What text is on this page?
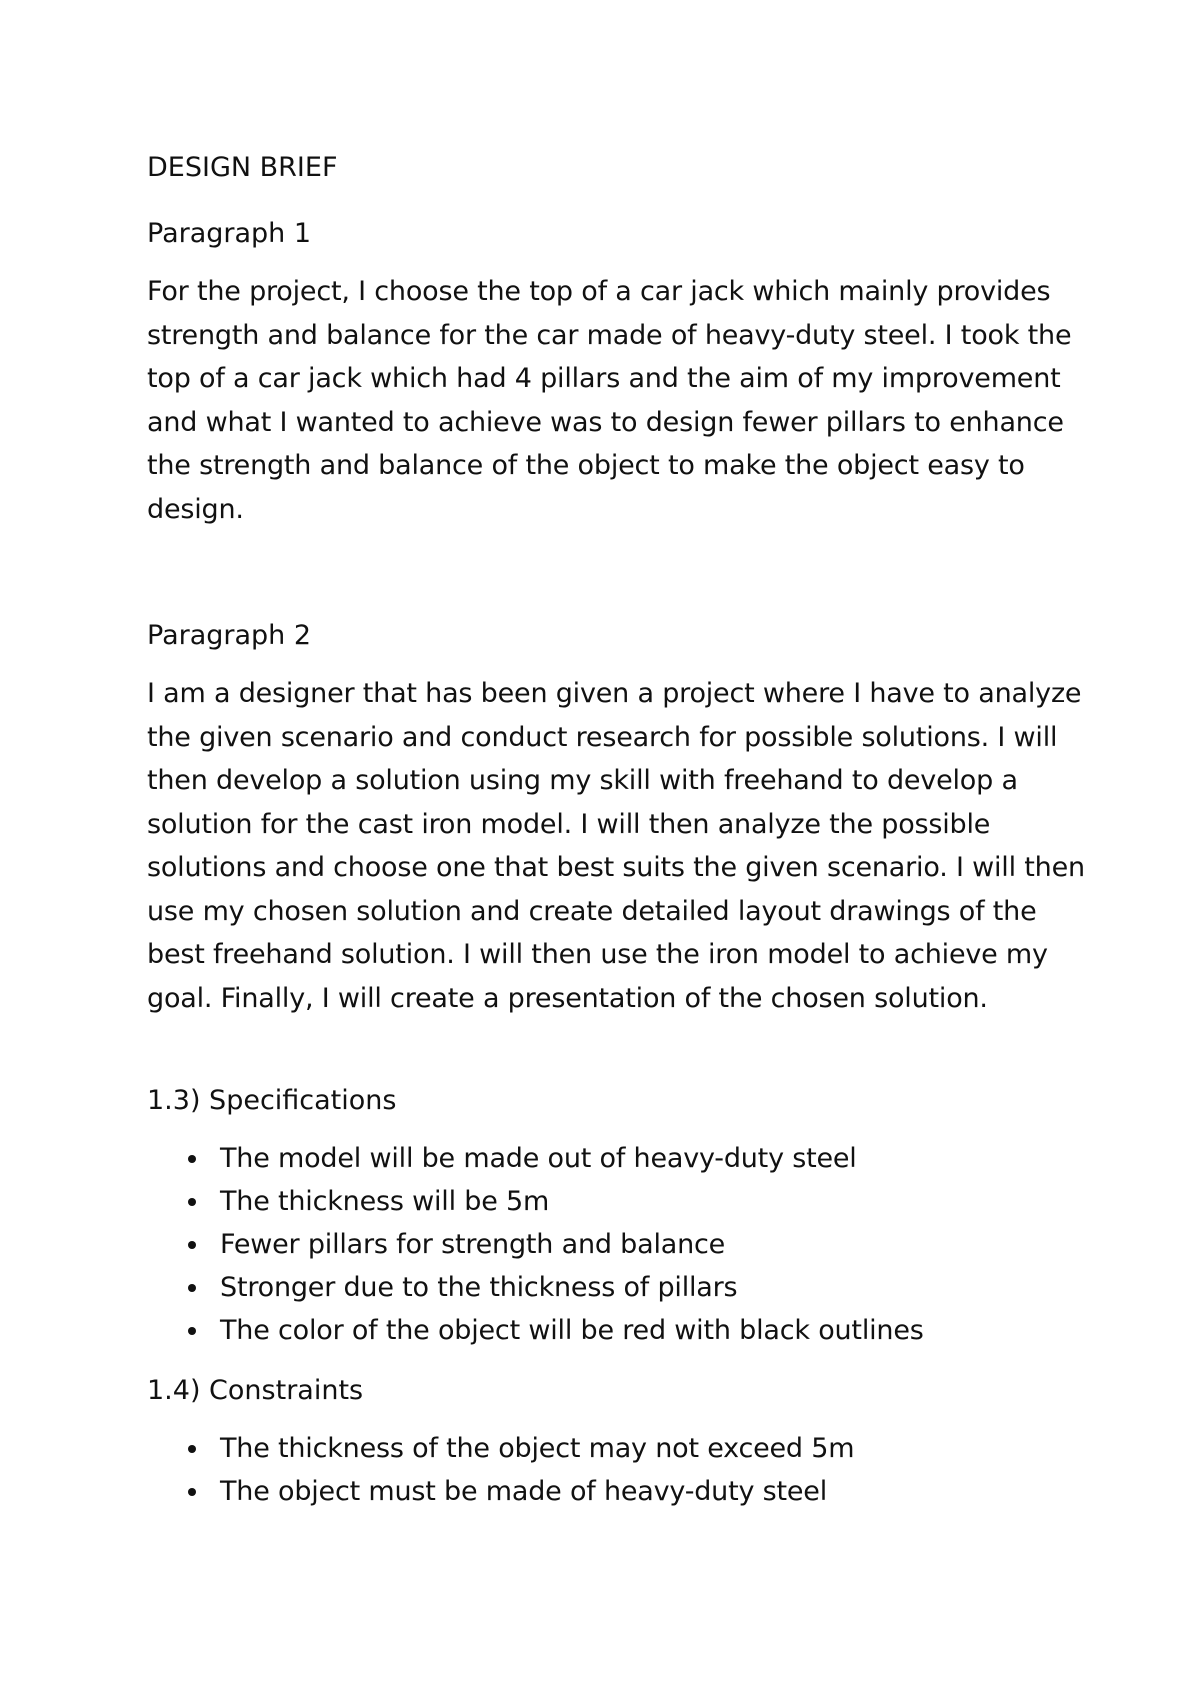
DESIGN BRIEF
Paragraph 1

For the project, I choose the top of a car jack which mainly provides strength and balance for the car made of heavy-duty steel. I took the top of a car jack which had 4 pillars and the aim of my improvement and what I wanted to achieve was to design fewer pillars to enhance the strength and balance of the object to make the object easy to design.

Paragraph 2

I am a designer that has been given a project where I have to analyze the given scenario and conduct research for possible solutions. I will then develop a solution using my skill with freehand to develop a solution for the cast iron model. I will then analyze the possible solutions and choose one that best suits the given scenario. I will then use my chosen solution and create detailed layout drawings of the best freehand solution. I will then use the iron model to achieve my goal. Finally, I will create a presentation of the chosen solution.

1.3) Specifications
The model will be made out of heavy-duty steel
The thickness will be 5m
Fewer pillars for strength and balance
Stronger due to the thickness of pillars
The color of the object will be red with black outlines
1.4) Constraints
The thickness of the object may not exceed 5m
The object must be made of heavy-duty steel
